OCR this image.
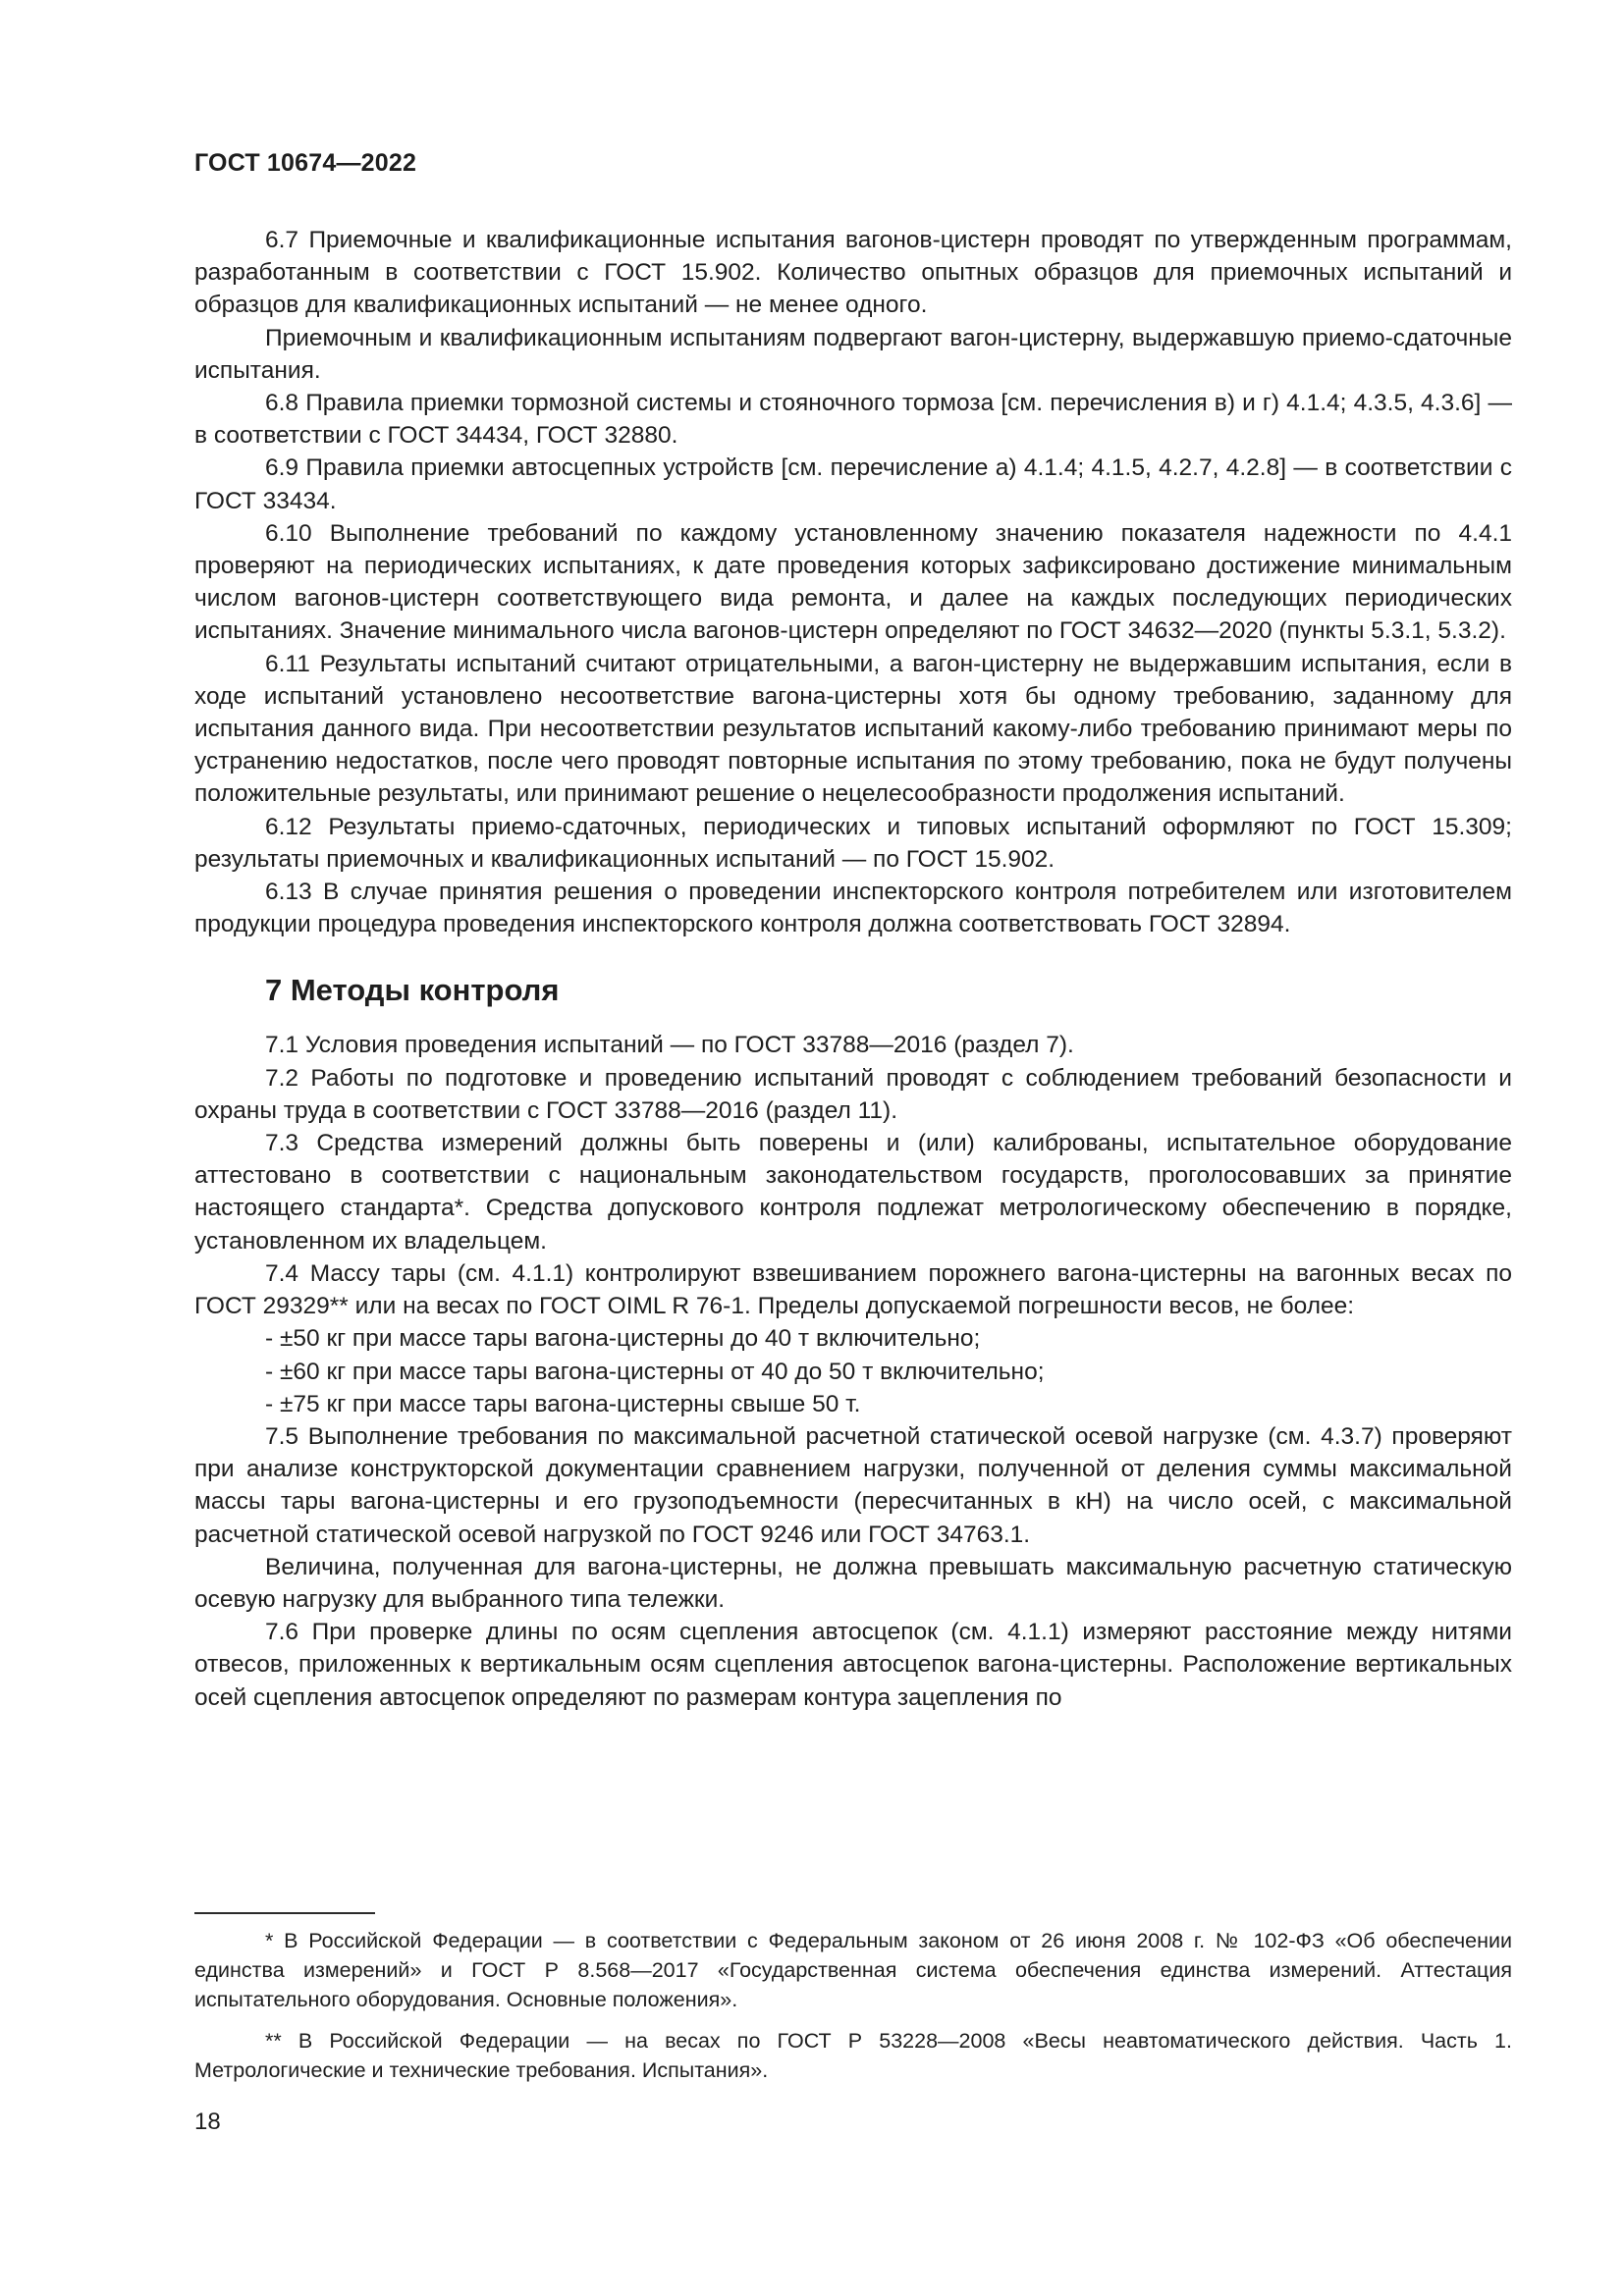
ГОСТ 10674—2022

6.7 Приемочные и квалификационные испытания вагонов-цистерн проводят по утвержденным программам, разработанным в соответствии с ГОСТ 15.902. Количество опытных образцов для приемочных испытаний и образцов для квалификационных испытаний — не менее одного.

Приемочным и квалификационным испытаниям подвергают вагон-цистерну, выдержавшую приемо-сдаточные испытания.

6.8 Правила приемки тормозной системы и стояночного тормоза [см. перечисления в) и г) 4.1.4; 4.3.5, 4.3.6] — в соответствии с ГОСТ 34434, ГОСТ 32880.

6.9 Правила приемки автосцепных устройств [см. перечисление а) 4.1.4; 4.1.5, 4.2.7, 4.2.8] — в соответствии с ГОСТ 33434.

6.10 Выполнение требований по каждому установленному значению показателя надежности по 4.4.1 проверяют на периодических испытаниях, к дате проведения которых зафиксировано достижение минимальным числом вагонов-цистерн соответствующего вида ремонта, и далее на каждых последующих периодических испытаниях. Значение минимального числа вагонов-цистерн определяют по ГОСТ 34632—2020 (пункты 5.3.1, 5.3.2).

6.11 Результаты испытаний считают отрицательными, а вагон-цистерну не выдержавшим испытания, если в ходе испытаний установлено несоответствие вагона-цистерны хотя бы одному требованию, заданному для испытания данного вида. При несоответствии результатов испытаний какому-либо требованию принимают меры по устранению недостатков, после чего проводят повторные испытания по этому требованию, пока не будут получены положительные результаты, или принимают решение о нецелесообразности продолжения испытаний.

6.12 Результаты приемо-сдаточных, периодических и типовых испытаний оформляют по ГОСТ 15.309; результаты приемочных и квалификационных испытаний — по ГОСТ 15.902.

6.13 В случае принятия решения о проведении инспекторского контроля потребителем или изготовителем продукции процедура проведения инспекторского контроля должна соответствовать ГОСТ 32894.

7 Методы контроля

7.1 Условия проведения испытаний — по ГОСТ 33788—2016 (раздел 7).

7.2 Работы по подготовке и проведению испытаний проводят с соблюдением требований безопасности и охраны труда в соответствии с ГОСТ 33788—2016 (раздел 11).

7.3 Средства измерений должны быть поверены и (или) калиброваны, испытательное оборудование аттестовано в соответствии с национальным законодательством государств, проголосовавших за принятие настоящего стандарта*. Средства допускового контроля подлежат метрологическому обеспечению в порядке, установленном их владельцем.

7.4 Массу тары (см. 4.1.1) контролируют взвешиванием порожнего вагона-цистерны на вагонных весах по ГОСТ 29329** или на весах по ГОСТ OIML R 76-1. Пределы допускаемой погрешности весов, не более:

- ±50 кг при массе тары вагона-цистерны до 40 т включительно;

- ±60 кг при массе тары вагона-цистерны от 40 до 50 т включительно;

- ±75 кг при массе тары вагона-цистерны свыше 50 т.

7.5 Выполнение требования по максимальной расчетной статической осевой нагрузке (см. 4.3.7) проверяют при анализе конструкторской документации сравнением нагрузки, полученной от деления суммы максимальной массы тары вагона-цистерны и его грузоподъемности (пересчитанных в кН) на число осей, с максимальной расчетной статической осевой нагрузкой по ГОСТ 9246 или ГОСТ 34763.1.

Величина, полученная для вагона-цистерны, не должна превышать максимальную расчетную статическую осевую нагрузку для выбранного типа тележки.

7.6 При проверке длины по осям сцепления автосцепок (см. 4.1.1) измеряют расстояние между нитями отвесов, приложенных к вертикальным осям сцепления автосцепок вагона-цистерны. Расположение вертикальных осей сцепления автосцепок определяют по размерам контура зацепления по

* В Российской Федерации — в соответствии с Федеральным законом от 26 июня 2008 г. № 102-ФЗ «Об обеспечении единства измерений» и ГОСТ Р 8.568—2017 «Государственная система обеспечения единства измерений. Аттестация испытательного оборудования. Основные положения».

** В Российской Федерации — на весах по ГОСТ Р 53228—2008 «Весы неавтоматического действия. Часть 1. Метрологические и технические требования. Испытания».

18
